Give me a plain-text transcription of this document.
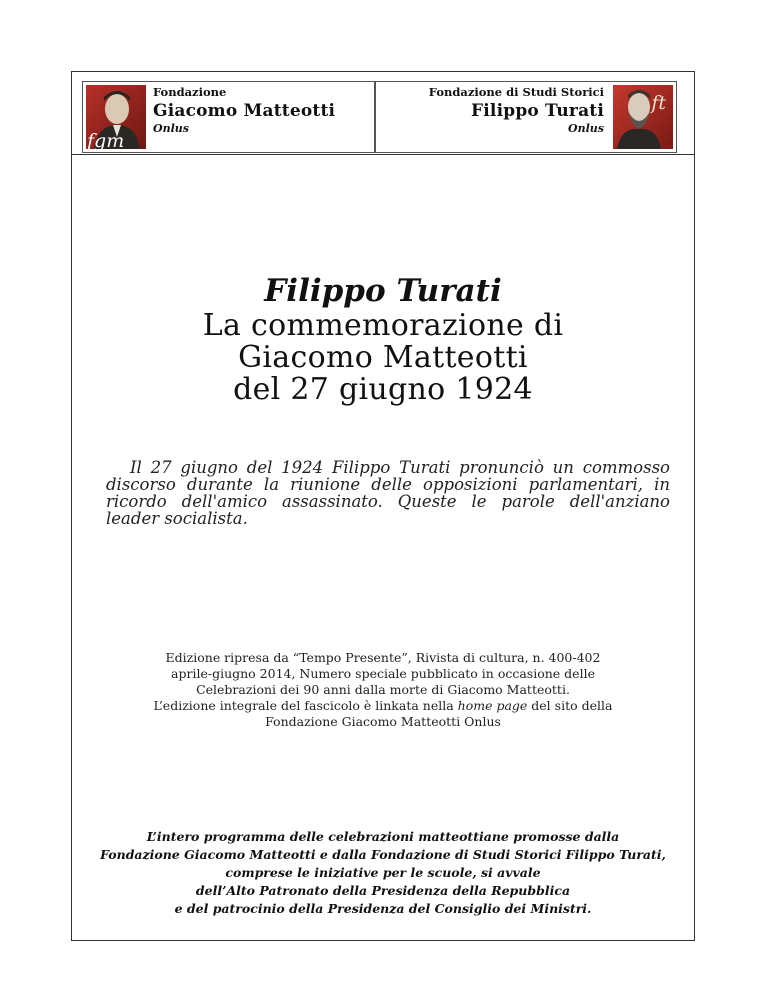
fgm
Fondazione
Giacomo Matteotti
Onlus
Fondazione di Studi Storici
Filippo Turati
Onlus
ft

Filippo Turati

La commemorazione di

Giacomo Matteotti

del 27 giugno 1924

Il 27 giugno del 1924 Filippo Turati pronunciò un commosso discorso durante la riunione delle opposizioni parlamentari, in ricordo dell'amico assassinato. Queste le parole dell'anziano leader socialista.
Edizione ripresa da “Tempo Presente”, Rivista di cultura, n. 400-402
aprile-giugno 2014, Numero speciale pubblicato in occasione delle
Celebrazioni dei 90 anni dalla morte di Giacomo Matteotti.
L’edizione integrale del fascicolo è linkata nella home page del sito della
Fondazione Giacomo Matteotti Onlus
L’intero programma delle celebrazioni matteottiane promosse dalla
Fondazione Giacomo Matteotti e dalla Fondazione di Studi Storici Filippo Turati,
comprese le iniziative per le scuole, si avvale
dell’Alto Patronato della Presidenza della Repubblica
e del patrocinio della Presidenza del Consiglio dei Ministri.
